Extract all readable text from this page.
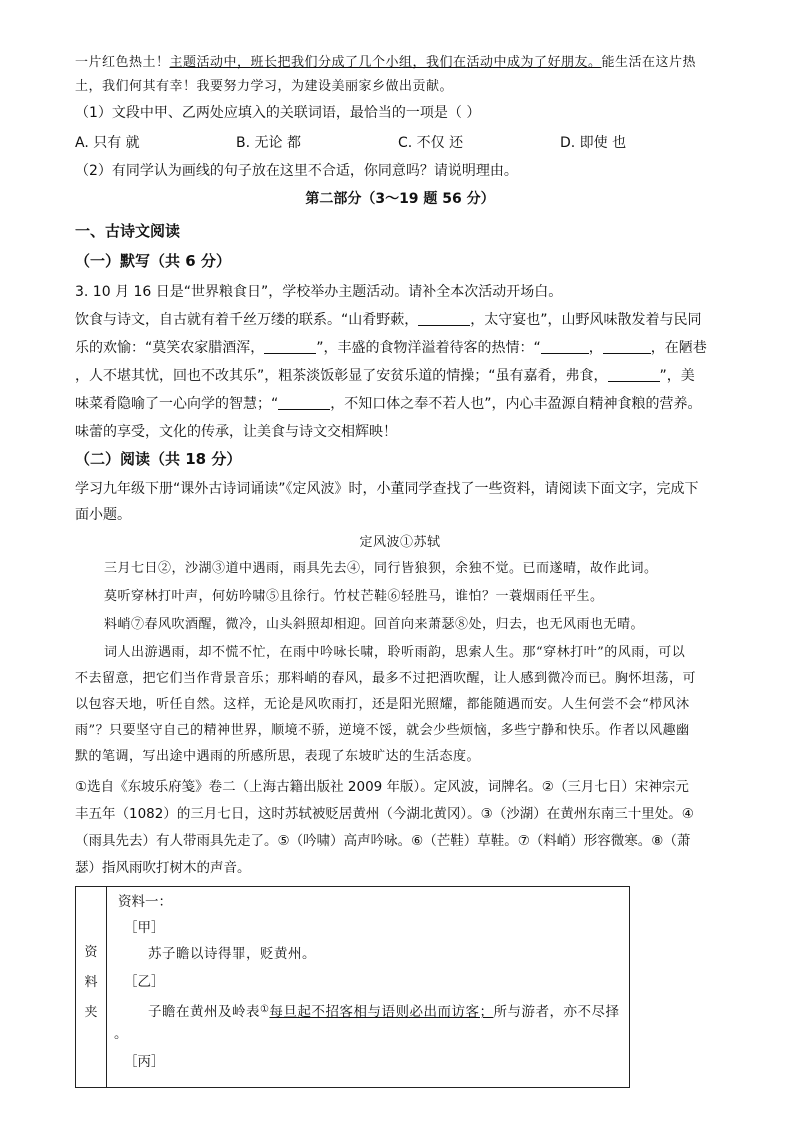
一片红色热土！主题活动中，班长把我们分成了几个小组，我们在活动中成为了好朋友。能生活在这片热
土，我们何其有幸！我要努力学习，为建设美丽家乡做出贡献。
（1）文段中甲、乙两处应填入的关联词语，最恰当的一项是（ ）
A. 只有 就	B. 无论 都	C. 不仅 还	D. 即使 也
（2）有同学认为画线的句子放在这里不合适，你同意吗？请说明理由。
第二部分（3～19 题 56 分）
一、古诗文阅读
（一）默写（共 6 分）
3. 10 月 16 日是“世界粮食日”，学校举办主题活动。请补全本次活动开场白。
饮食与诗文，自古就有着千丝万缕的联系。“山肴野蔌，	，太守宴也”，山野风味散发着与民同
乐的欢愉：“莫笑农家腊酒浑，	”，丰盛的食物洋溢着待客的热情：“	，	，在陋巷
，人不堪其忧，回也不改其乐”，粗茶淡饭彰显了安贫乐道的情操；“虽有嘉肴，弗食，	”，美
味菜肴隐喻了一心向学的智慧；“	，不知口体之奉不若人也”，内心丰盈源自精神食粮的营养。
味蕾的享受，文化的传承，让美食与诗文交相辉映！
（二）阅读（共 18 分）
学习九年级下册“课外古诗词诵读”《定风波》时，小董同学查找了一些资料，请阅读下面文字，完成下
面小题。
定风波①苏轼
三月七日②，沙湖③道中遇雨，雨具先去④，同行皆狼狈，余独不觉。已而遂晴，故作此词。
莫听穿林打叶声，何妨吟啸⑤且徐行。竹杖芒鞋⑥轻胜马，谁怕？一蓑烟雨任平生。
料峭⑦春风吹酒醒，微冷，山头斜照却相迎。回首向来萧瑟⑧处，归去，也无风雨也无晴。
词人出游遇雨，却不慌不忙，在雨中吟咏长啸，聆听雨韵，思索人生。那“穿林打叶”的风雨，可以
不去留意，把它们当作背景音乐；那料峭的春风，最多不过把酒吹醒，让人感到微冷而已。胸怀坦荡，可
以包容天地，听任自然。这样，无论是风吹雨打，还是阳光照耀，都能随遇而安。人生何尝不会“栉风沐
雨”？只要坚守自己的精神世界，顺境不骄，逆境不馁，就会少些烦恼，多些宁静和快乐。作者以风趣幽
默的笔调，写出途中遇雨的所感所思，表现了东坡旷达的生活态度。
①选自《东坡乐府笺》卷二（上海古籍出版社 2009 年版）。定风波，词牌名。②（三月七日）宋神宗元
丰五年（1082）的三月七日，这时苏轼被贬居黄州（今湖北黄冈）。③（沙湖）在黄州东南三十里处。④
（雨具先去）有人带雨具先走了。⑤（吟啸）高声吟咏。⑥（芒鞋）草鞋。⑦（料峭）形容微寒。⑧（萧
瑟）指风雨吹打树木的声音。
资
料
夹
资料一：
［甲］
苏子瞻以诗得罪，贬黄州。
［乙］
子瞻在黄州及岭表①每旦起不招客相与语则必出而访客；所与游者，亦不尽择
。
［丙］
